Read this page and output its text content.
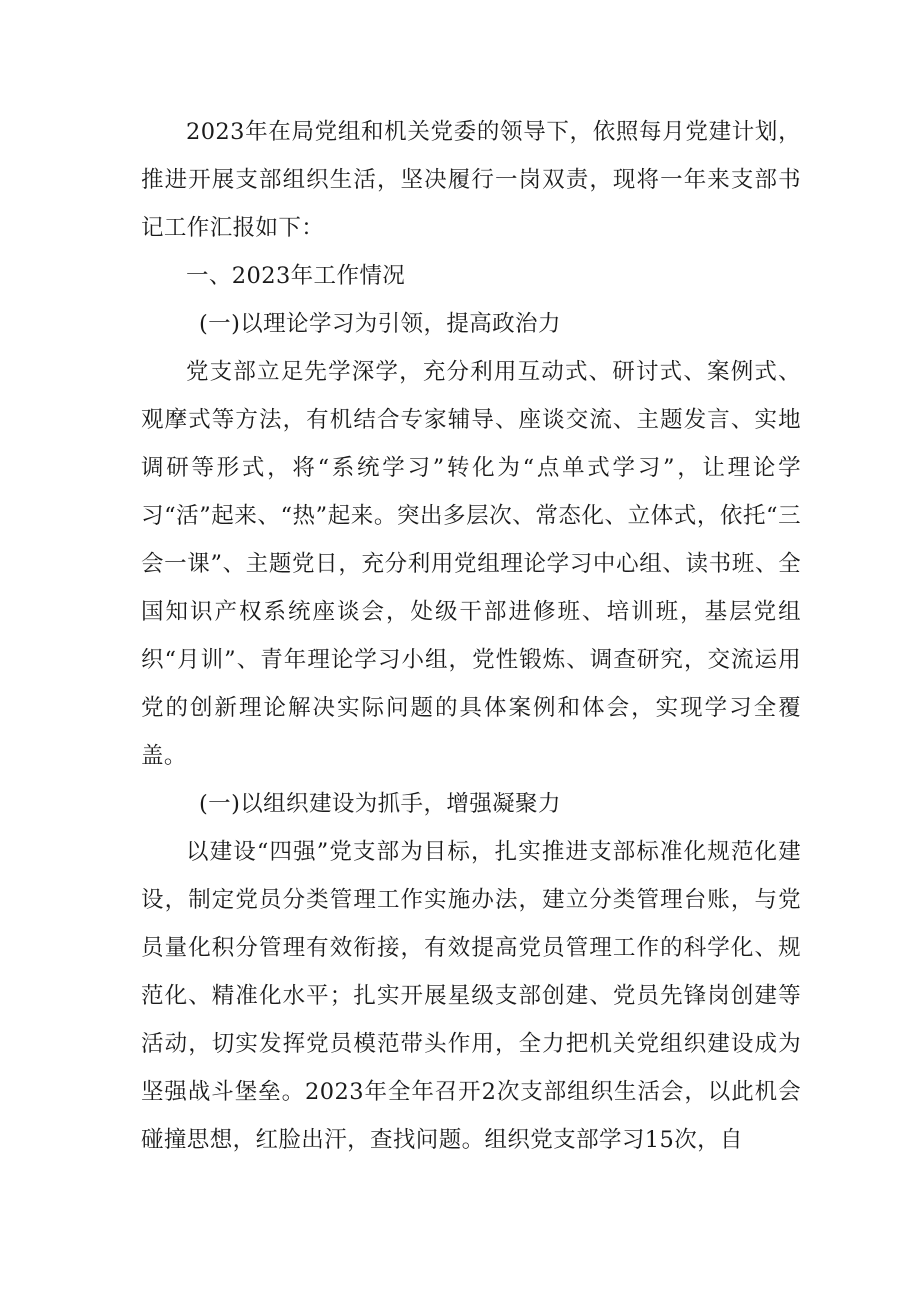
2023年在局党组和机关党委的领导下，依照每月党建计划，推进开展支部组织生活，坚决履行一岗双责，现将一年来支部书记工作汇报如下：

一、2023年工作情况

(一)以理论学习为引领，提高政治力

党支部立足先学深学，充分利用互动式、研讨式、案例式、观摩式等方法，有机结合专家辅导、座谈交流、主题发言、实地调研等形式，将“系统学习”转化为“点单式学习”，让理论学习“活”起来、“热”起来。突出多层次、常态化、立体式，依托“三会一课”、主题党日，充分利用党组理论学习中心组、读书班、全国知识产权系统座谈会，处级干部进修班、培训班，基层党组织“月训”、青年理论学习小组，党性锻炼、调查研究，交流运用党的创新理论解决实际问题的具体案例和体会，实现学习全覆盖。

(一)以组织建设为抓手，增强凝聚力

以建设“四强”党支部为目标，扎实推进支部标准化规范化建设，制定党员分类管理工作实施办法，建立分类管理台账，与党员量化积分管理有效衔接，有效提高党员管理工作的科学化、规范化、精准化水平；扎实开展星级支部创建、党员先锋岗创建等活动，切实发挥党员模范带头作用，全力把机关党组织建设成为坚强战斗堡垒。2023年全年召开2次支部组织生活会，以此机会碰撞思想，红脸出汗，查找问题。组织党支部学习15次，自
